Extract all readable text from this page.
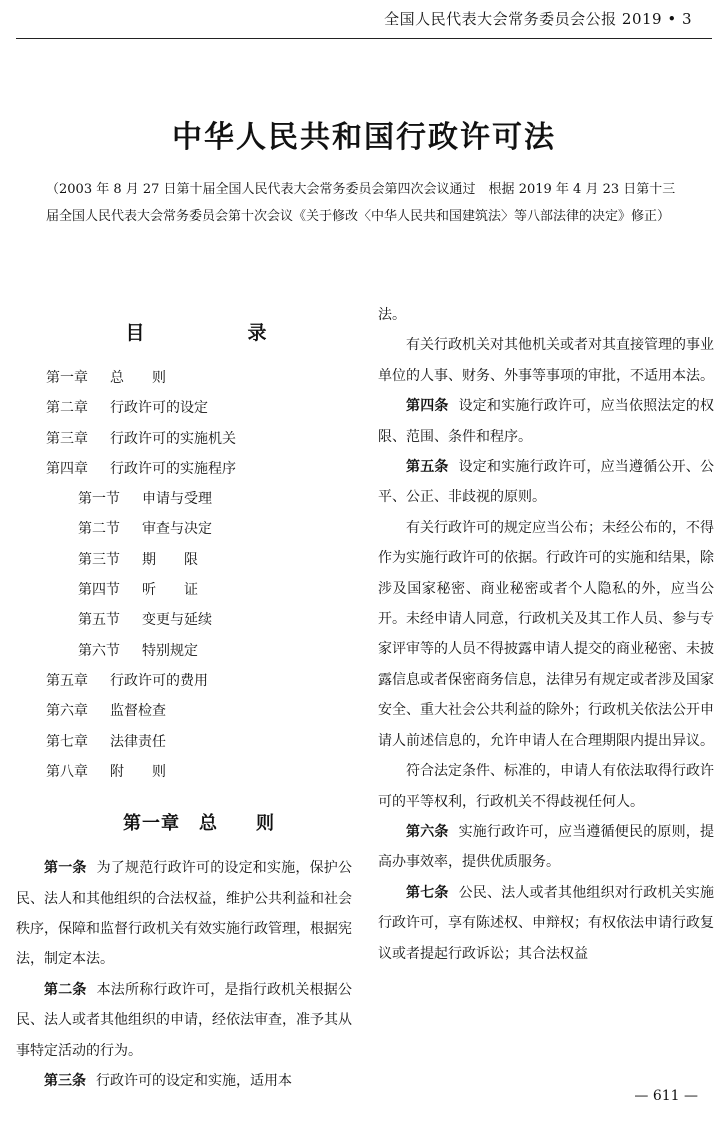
全国人民代表大会常务委员会公报 2019 • 3
中华人民共和国行政许可法
（2003 年 8 月 27 日第十届全国人民代表大会常务委员会第四次会议通过　根据 2019 年 4 月 23 日第十三届全国人民代表大会常务委员会第十次会议《关于修改〈中华人民共和国建筑法〉等八部法律的决定》修正）
目　录
第一章 总　　则
第二章 行政许可的设定
第三章 行政许可的实施机关
第四章 行政许可的实施程序
第一节 申请与受理
第二节 审查与决定
第三节 期　　限
第四节 听　　证
第五节 变更与延续
第六节 特别规定
第五章 行政许可的费用
第六章 监督检查
第七章 法律责任
第八章 附　　则
第一章　总　　则

第一条 为了规范行政许可的设定和实施，保护公民、法人和其他组织的合法权益，维护公共利益和社会秩序，保障和监督行政机关有效实施行政管理，根据宪法，制定本法。

第二条 本法所称行政许可，是指行政机关根据公民、法人或者其他组织的申请，经依法审查，准予其从事特定活动的行为。

第三条 行政许可的设定和实施，适用本

法。

有关行政机关对其他机关或者对其直接管理的事业单位的人事、财务、外事等事项的审批，不适用本法。

第四条 设定和实施行政许可，应当依照法定的权限、范围、条件和程序。

第五条 设定和实施行政许可，应当遵循公开、公平、公正、非歧视的原则。

有关行政许可的规定应当公布；未经公布的，不得作为实施行政许可的依据。行政许可的实施和结果，除涉及国家秘密、商业秘密或者个人隐私的外，应当公开。未经申请人同意，行政机关及其工作人员、参与专家评审等的人员不得披露申请人提交的商业秘密、未披露信息或者保密商务信息，法律另有规定或者涉及国家安全、重大社会公共利益的除外；行政机关依法公开申请人前述信息的，允许申请人在合理期限内提出异议。

符合法定条件、标准的，申请人有依法取得行政许可的平等权利，行政机关不得歧视任何人。

第六条 实施行政许可，应当遵循便民的原则，提高办事效率，提供优质服务。

第七条 公民、法人或者其他组织对行政机关实施行政许可，享有陈述权、申辩权；有权依法申请行政复议或者提起行政诉讼；其合法权益

— 611 —
